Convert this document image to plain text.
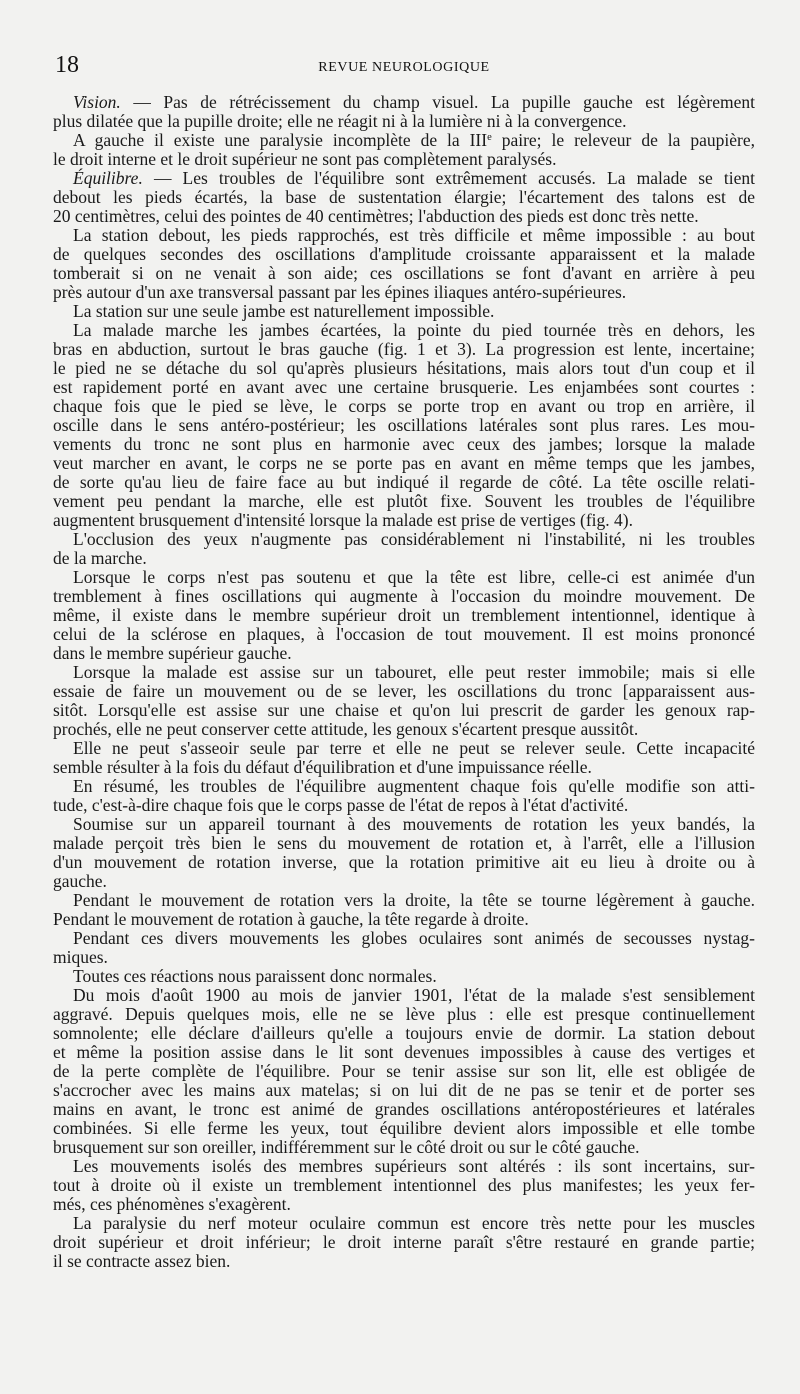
18	REVUE NEUROLOGIQUE
Vision. — Pas de rétrécissement du champ visuel. La pupille gauche est légèrement
plus dilatée que la pupille droite; elle ne réagit ni à la lumière ni à la convergence.
A gauche il existe une paralysie incomplète de la IIIe paire; le releveur de la paupière,
le droit interne et le droit supérieur ne sont pas complètement paralysés.
Équilibre. — Les troubles de l'équilibre sont extrêmement accusés. La malade se tient
debout les pieds écartés, la base de sustentation élargie; l'écartement des talons est de
20 centimètres, celui des pointes de 40 centimètres; l'abduction des pieds est donc très nette.
La station debout, les pieds rapprochés, est très difficile et même impossible : au bout
de quelques secondes des oscillations d'amplitude croissante apparaissent et la malade
tomberait si on ne venait à son aide; ces oscillations se font d'avant en arrière à peu
près autour d'un axe transversal passant par les épines iliaques antéro-supérieures.
La station sur une seule jambe est naturellement impossible.
La malade marche les jambes écartées, la pointe du pied tournée très en dehors, les
bras en abduction, surtout le bras gauche (fig. 1 et 3). La progression est lente, incertaine;
le pied ne se détache du sol qu'après plusieurs hésitations, mais alors tout d'un coup et il
est rapidement porté en avant avec une certaine brusquerie. Les enjambées sont courtes :
chaque fois que le pied se lève, le corps se porte trop en avant ou trop en arrière, il
oscille dans le sens antéro-postérieur; les oscillations latérales sont plus rares. Les mou-
vements du tronc ne sont plus en harmonie avec ceux des jambes; lorsque la malade
veut marcher en avant, le corps ne se porte pas en avant en même temps que les jambes,
de sorte qu'au lieu de faire face au but indiqué il regarde de côté. La tête oscille relati-
vement peu pendant la marche, elle est plutôt fixe. Souvent les troubles de l'équilibre
augmentent brusquement d'intensité lorsque la malade est prise de vertiges (fig. 4).
L'occlusion des yeux n'augmente pas considérablement ni l'instabilité, ni les troubles
de la marche.
Lorsque le corps n'est pas soutenu et que la tête est libre, celle-ci est animée d'un
tremblement à fines oscillations qui augmente à l'occasion du moindre mouvement. De
même, il existe dans le membre supérieur droit un tremblement intentionnel, identique à
celui de la sclérose en plaques, à l'occasion de tout mouvement. Il est moins prononcé
dans le membre supérieur gauche.
Lorsque la malade est assise sur un tabouret, elle peut rester immobile; mais si elle
essaie de faire un mouvement ou de se lever, les oscillations du tronc [apparaissent aus-
sitôt. Lorsqu'elle est assise sur une chaise et qu'on lui prescrit de garder les genoux rap-
prochés, elle ne peut conserver cette attitude, les genoux s'écartent presque aussitôt.
Elle ne peut s'asseoir seule par terre et elle ne peut se relever seule. Cette incapacité
semble résulter à la fois du défaut d'équilibration et d'une impuissance réelle.
En résumé, les troubles de l'équilibre augmentent chaque fois qu'elle modifie son atti-
tude, c'est-à-dire chaque fois que le corps passe de l'état de repos à l'état d'activité.
Soumise sur un appareil tournant à des mouvements de rotation les yeux bandés, la
malade perçoit très bien le sens du mouvement de rotation et, à l'arrêt, elle a l'illusion
d'un mouvement de rotation inverse, que la rotation primitive ait eu lieu à droite ou à
gauche.
Pendant le mouvement de rotation vers la droite, la tête se tourne légèrement à gauche.
Pendant le mouvement de rotation à gauche, la tête regarde à droite.
Pendant ces divers mouvements les globes oculaires sont animés de secousses nystag-
miques.
Toutes ces réactions nous paraissent donc normales.
Du mois d'août 1900 au mois de janvier 1901, l'état de la malade s'est sensiblement
aggravé. Depuis quelques mois, elle ne se lève plus : elle est presque continuellement
somnolente; elle déclare d'ailleurs qu'elle a toujours envie de dormir. La station debout
et même la position assise dans le lit sont devenues impossibles à cause des vertiges et
de la perte complète de l'équilibre. Pour se tenir assise sur son lit, elle est obligée de
s'accrocher avec les mains aux matelas; si on lui dit de ne pas se tenir et de porter ses
mains en avant, le tronc est animé de grandes oscillations antéropostérieures et latérales
combinées. Si elle ferme les yeux, tout équilibre devient alors impossible et elle tombe
brusquement sur son oreiller, indifféremment sur le côté droit ou sur le côté gauche.
Les mouvements isolés des membres supérieurs sont altérés : ils sont incertains, sur-
tout à droite où il existe un tremblement intentionnel des plus manifestes; les yeux fer-
més, ces phénomènes s'exagèrent.
La paralysie du nerf moteur oculaire commun est encore très nette pour les muscles
droit supérieur et droit inférieur; le droit interne paraît s'être restauré en grande partie;
il se contracte assez bien.
